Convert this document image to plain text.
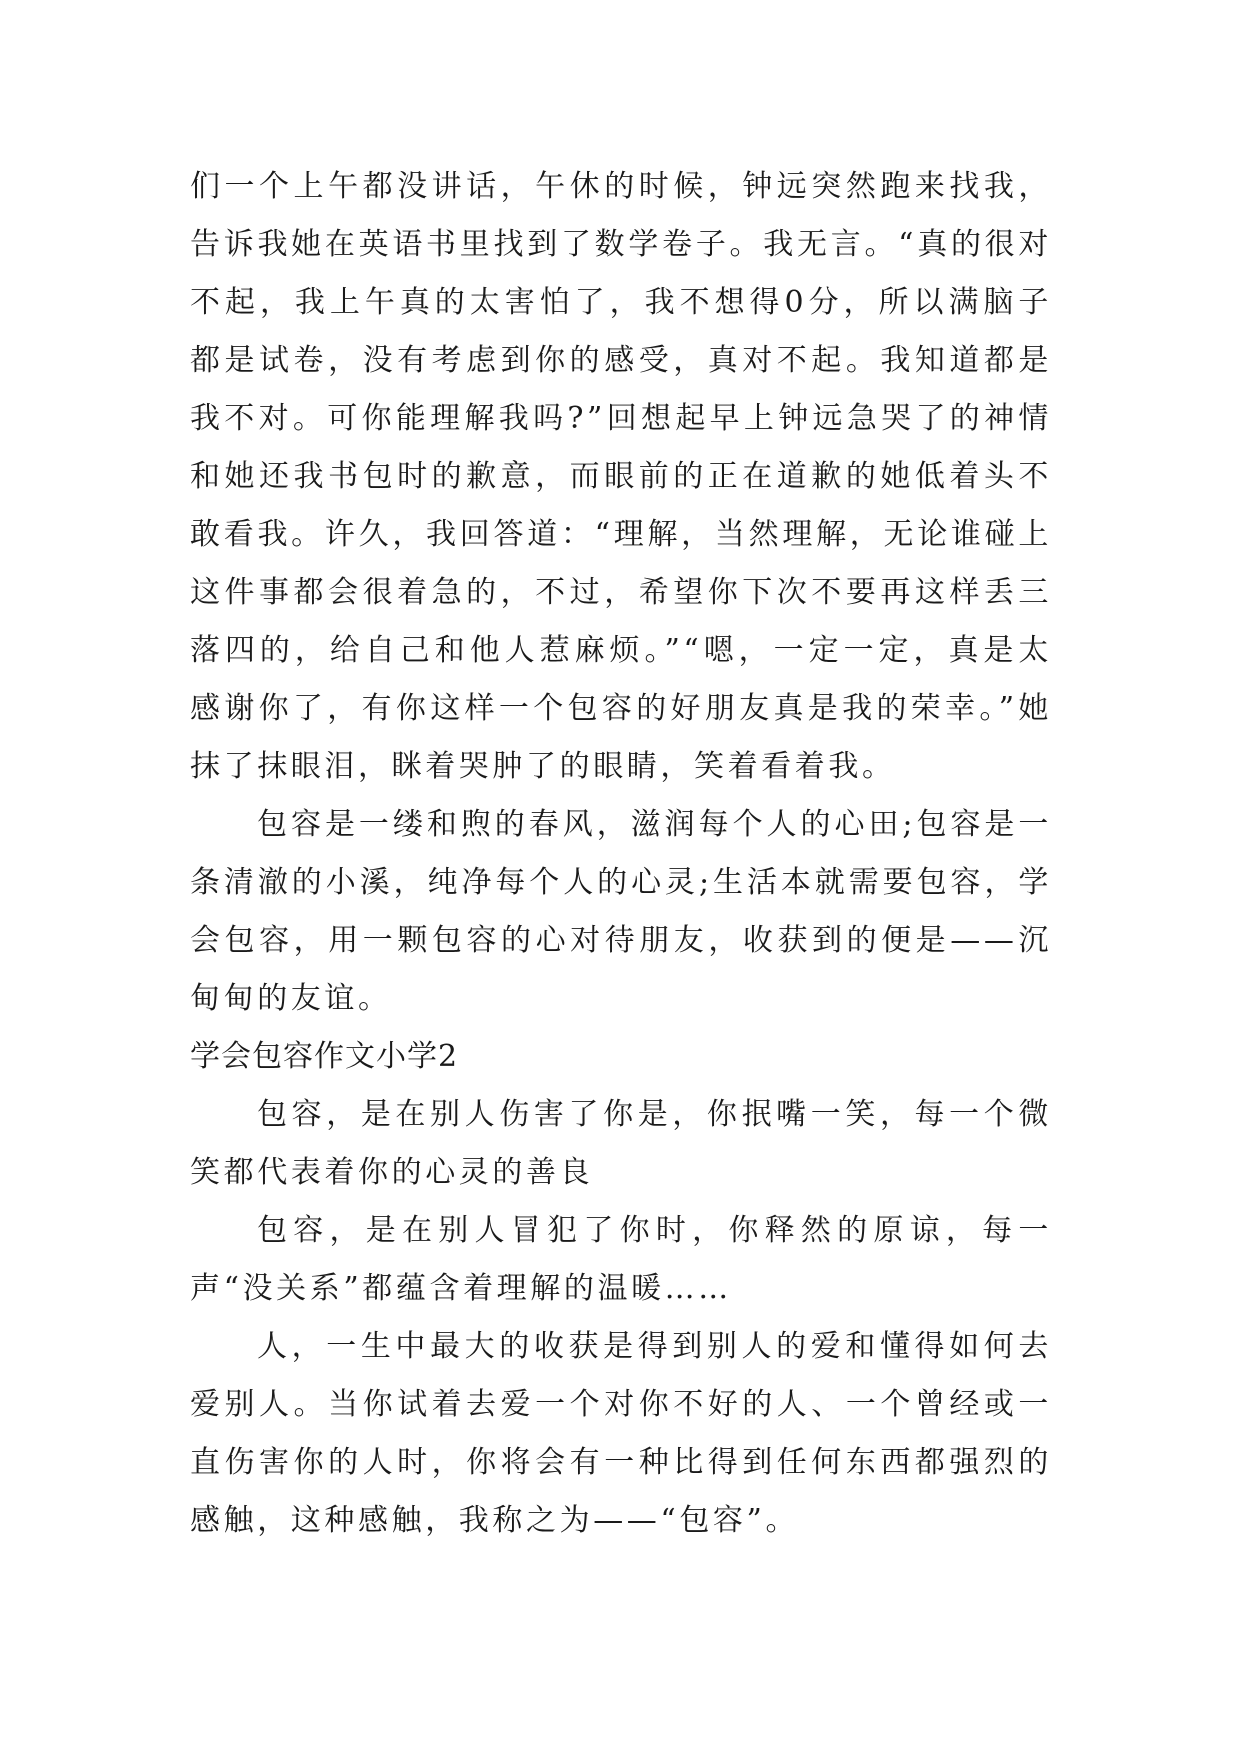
们一个上午都没讲话，午休的时候，钟远突然跑来找我，告诉我她在英语书里找到了数学卷子。我无言。“真的很对不起，我上午真的太害怕了，我不想得0分，所以满脑子都是试卷，没有考虑到你的感受，真对不起。我知道都是我不对。可你能理解我吗?”回想起早上钟远急哭了的神情和她还我书包时的歉意，而眼前的正在道歉的她低着头不敢看我。许久，我回答道：“理解，当然理解，无论谁碰上这件事都会很着急的，不过，希望你下次不要再这样丢三落四的，给自己和他人惹麻烦。”“嗯，一定一定，真是太感谢你了，有你这样一个包容的好朋友真是我的荣幸。”她抹了抹眼泪，眯着哭肿了的眼睛，笑着看着我。

包容是一缕和煦的春风，滋润每个人的心田;包容是一条清澈的小溪，纯净每个人的心灵;生活本就需要包容，学会包容，用一颗包容的心对待朋友，收获到的便是——沉甸甸的友谊。

学会包容作文小学2

包容，是在别人伤害了你是，你抿嘴一笑，每一个微笑都代表着你的心灵的善良

包容，是在别人冒犯了你时，你释然的原谅，每一声“没关系”都蕴含着理解的温暖……

人，一生中最大的收获是得到别人的爱和懂得如何去爱别人。当你试着去爱一个对你不好的人、一个曾经或一直伤害你的人时，你将会有一种比得到任何东西都强烈的感触，这种感触，我称之为——“包容”。
